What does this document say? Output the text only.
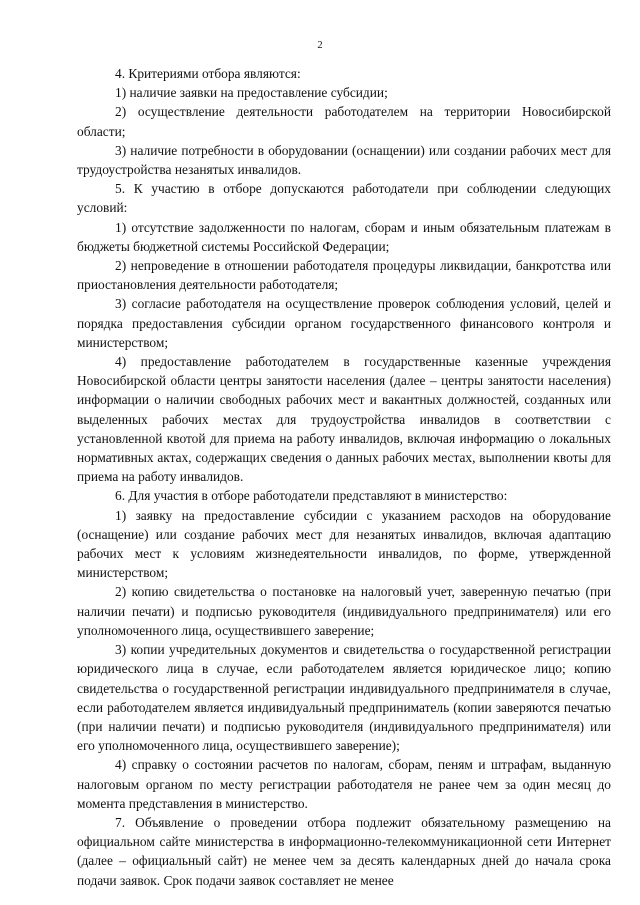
2

4. Критериями отбора являются:

1) наличие заявки на предоставление субсидии;

2) осуществление деятельности работодателем на территории Новосибирской области;

3) наличие потребности в оборудовании (оснащении) или создании рабочих мест для трудоустройства незанятых инвалидов.

5. К участию в отборе допускаются работодатели при соблюдении следующих условий:

1) отсутствие задолженности по налогам, сборам и иным обязательным платежам в бюджеты бюджетной системы Российской Федерации;

2) непроведение в отношении работодателя процедуры ликвидации, банкротства или приостановления деятельности работодателя;

3) согласие работодателя на осуществление проверок соблюдения условий, целей и порядка предоставления субсидии органом государственного финансового контроля и министерством;

4) предоставление работодателем в государственные казенные учреждения Новосибирской области центры занятости населения (далее – центры занятости населения) информации о наличии свободных рабочих мест и вакантных должностей, созданных или выделенных рабочих местах для трудоустройства инвалидов в соответствии с установленной квотой для приема на работу инвалидов, включая информацию о локальных нормативных актах, содержащих сведения о данных рабочих местах, выполнении квоты для приема на работу инвалидов.

6. Для участия в отборе работодатели представляют в министерство:

1) заявку на предоставление субсидии с указанием расходов на оборудование (оснащение) или создание рабочих мест для незанятых инвалидов, включая адаптацию рабочих мест к условиям жизнедеятельности инвалидов, по форме, утвержденной министерством;

2) копию свидетельства о постановке на налоговый учет, заверенную печатью (при наличии печати) и подписью руководителя (индивидуального предпринимателя) или его уполномоченного лица, осуществившего заверение;

3) копии учредительных документов и свидетельства о государственной регистрации юридического лица в случае, если работодателем является юридическое лицо; копию свидетельства о государственной регистрации индивидуального предпринимателя в случае, если работодателем является индивидуальный предприниматель (копии заверяются печатью (при наличии печати) и подписью руководителя (индивидуального предпринимателя) или его уполномоченного лица, осуществившего заверение);

4) справку о состоянии расчетов по налогам, сборам, пеням и штрафам, выданную налоговым органом по месту регистрации работодателя не ранее чем за один месяц до момента представления в министерство.

7. Объявление о проведении отбора подлежит обязательному размещению на официальном сайте министерства в информационно-телекоммуникационной сети Интернет (далее – официальный сайт) не менее чем за десять календарных дней до начала срока подачи заявок. Срок подачи заявок составляет не менее
